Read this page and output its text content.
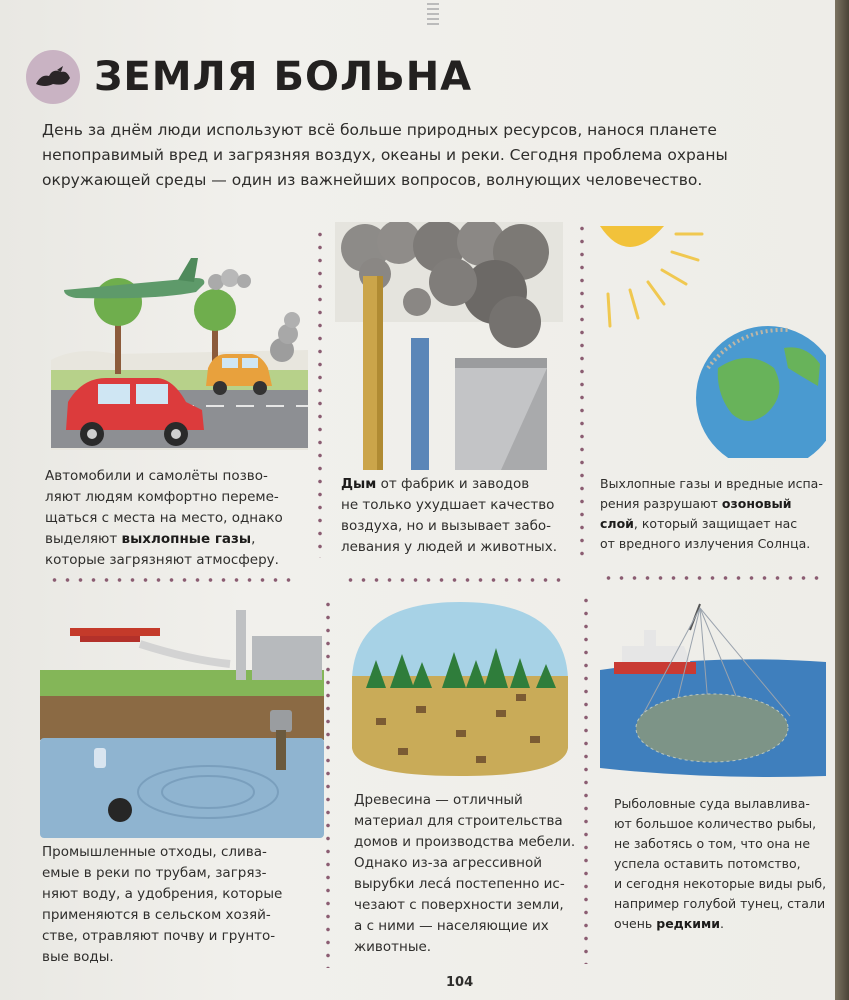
ЗЕМЛЯ БОЛЬНА
День за днём люди используют всё больше природных ресурсов, нанося планете непоправимый вред и загрязняя воздух, океаны и реки. Сегодня проблема охраны окружающей среды — один из важнейших вопросов, волнующих человечество.
Автомобили и самолёты позво-
ляют людям комфортно переме-
щаться с места на место, однако
выделяют выхлопные газы,
которые загрязняют атмосферу.
Дым от фабрик и заводов
не только ухудшает качество
воздуха, но и вызывает забо-
левания у людей и животных.
Выхлопные газы и вредные испа-
рения разрушают озоновый
слой, который защищает нас
от вредного излучения Солнца.
Промышленные отходы, слива-
емые в реки по трубам, загряз-
няют воду, а удобрения, которые
применяются в сельском хозяй-
стве, отравляют почву и грунто-
вые воды.
Древесина — отличный
материал для строительства
домов и производства мебели.
Однако из-за агрессивной
вырубки леса́ постепенно ис-
чезают с поверхности земли,
а с ними — населяющие их
животные.
Рыболовные суда вылавлива-
ют большое количество рыбы,
не заботясь о том, что она не
успела оставить потомство,
и сегодня некоторые виды рыб,
например голубой тунец, стали
очень редкими.
104
